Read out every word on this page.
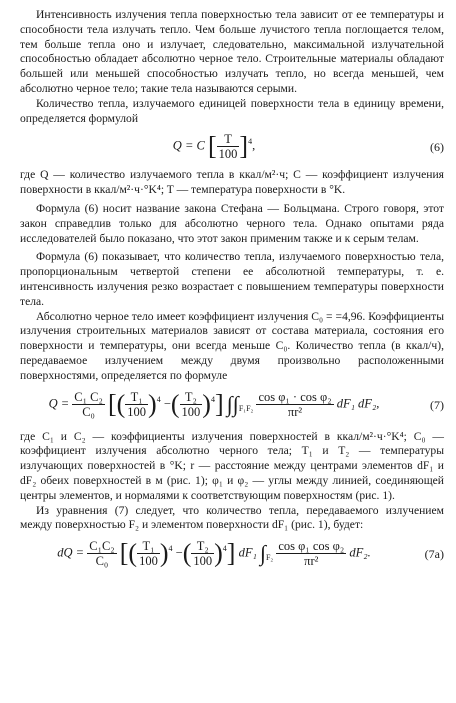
Интенсивность излучения тепла поверхностью тела зависит от ее температуры и способности тела излучать тепло. Чем больше лучистого тепла поглощается телом, тем больше тепла оно и излучает, следовательно, максимальной излучательной способностью обладает абсолютно черное тело. Строительные материалы обладают большей или меньшей способностью излучать тепло, но всегда меньшей, чем абсолютно черное тело; такие тела называются серыми.

Количество тепла, излучаемого единицей поверхности тела в единицу времени, определяется формулой

Q = C [ $\frac{T}{100} ]^4$,	(6)

где Q — количество излучаемого тепла в ккал/м²·ч; C — коэффициент излучения поверхности в ккал/м²·ч·°K⁴; T — температура поверхности в °K.

Формула (6) носит название закона Стефана — Больцмана. Строго говоря, этот закон справедлив только для абсолютно черного тела. Однако опытами ряда исследователей было показано, что этот закон применим также и к серым телам.

Формула (6) показывает, что количество тепла, излучаемого поверхностью тела, пропорциональным четвертой степени ее абсолютной температуры, т. е. интенсивность излучения резко возрастает с повышением температуры поверхности тела.

Абсолютно черное тело имеет коэффициент излучения C₀ = =4,96. Коэффициенты излучения строительных материалов зависят от состава материала, состояния его поверхности и температуры, они всегда меньше C₀. Количество тепла (в ккал/ч), передаваемое излучением между двумя произвольно расположенными поверхностями, определяется по формуле

$Q = \frac{\text{C₁ C₂}}{\text{C₀}}$ [( $\frac{\text{T₁}}{100} )^4$ −( $\frac{\text{T₂}}{100} )^4$] $\int\int_{F_1F_2} \frac{\text{cos φ₁ · cos φ₂}}{\text{πr²}} dF_1$ dF₂,	(7)

где C₁ и C₂ — коэффициенты излучения поверхностей в ккал/м²·ч·°K⁴; C₀ — коэффициент излучения абсолютно черного тела; T₁ и T₂ — температуры излучающих поверхностей в °K; r — расстояние между центрами элементов dF₁ и dF₂ обеих поверхностей в м (рис. 1); φ₁ и φ₂ — углы между линией, соединяющей центры элементов, и нормалями к соответствующим поверхностям (рис. 1).

Из уравнения (7) следует, что количество тепла, передаваемого излучением между поверхностью F₂ и элементом поверхности dF₁ (рис. 1), будет:

dQ = $\frac{\text{C₁C₂}}{\text{C₀}}$ [( $\frac{\text{T₁}}{100} )^4$ −( $\frac{\text{T₂}}{100} )^4$] dF₁ $\int_{F_2} \frac{\text{cos φ₁ cos φ₂}}{\text{πr²}} dF_2$.	(7а)
